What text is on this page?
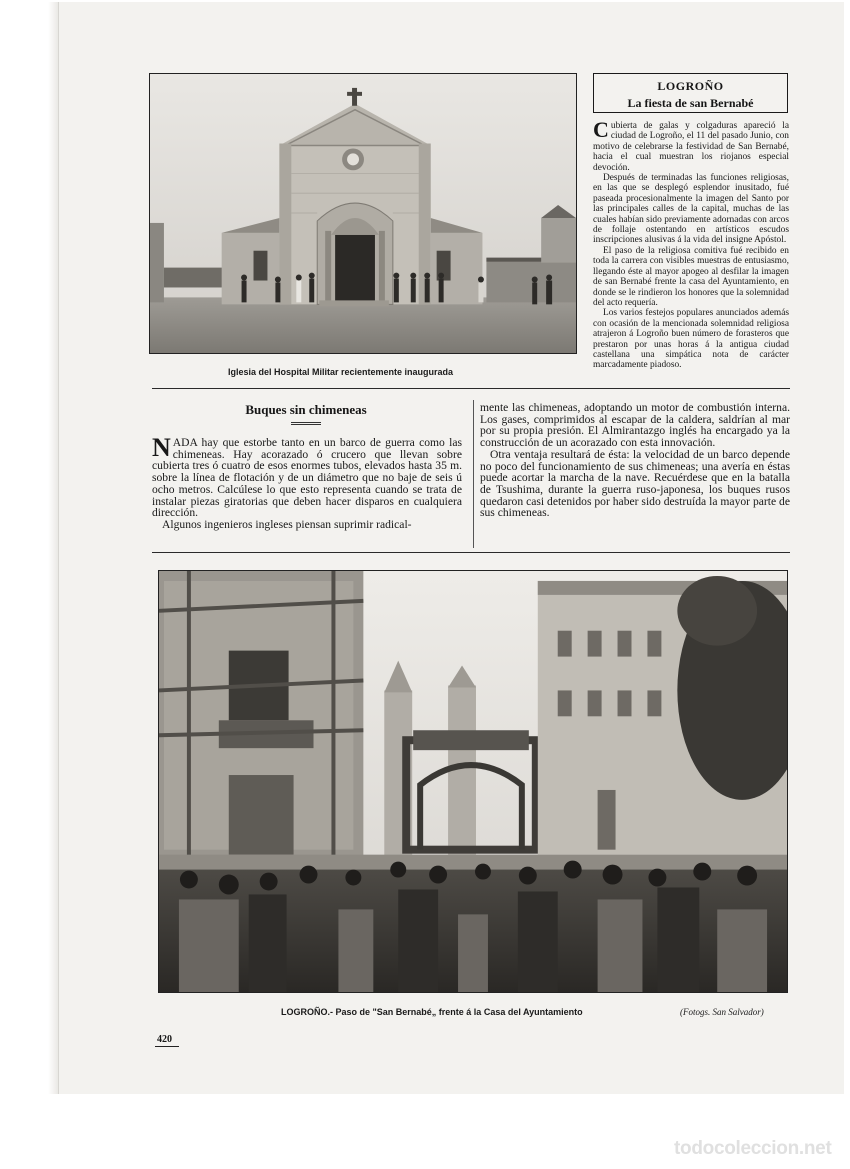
Iglesia del Hospital Militar recientemente inaugurada
LOGROÑO
La fiesta de san Bernabé

Cubierta de galas y colgaduras apareció la ciudad de Logroño, el 11 del pasado Junio, con motivo de celebrarse la festividad de San Bernabé, hacia el cual muestran los riojanos especial devoción.

Después de terminadas las funciones religiosas, en las que se desplegó esplendor inusitado, fué paseada procesionalmente la imagen del Santo por las principales calles de la capital, muchas de las cuales habían sido previamente adornadas con arcos de follaje ostentando en artísticos escudos inscripciones alusivas á la vida del insigne Apóstol.

El paso de la religiosa comitiva fué recibido en toda la carrera con visibles muestras de entusiasmo, llegando éste al mayor apogeo al desfilar la imagen de san Bernabé frente la casa del Ayuntamiento, en donde se le rindieron los honores que la solemnidad del acto requería.

Los varios festejos populares anunciados además con ocasión de la mencionada solemnidad religiosa atrajeron á Logroño buen número de forasteros que prestaron por unas horas á la antigua ciudad castellana una simpática nota de carácter marcadamente piadoso.

Buques sin chimeneas

NADA hay que estorbe tanto en un barco de guerra como las chimeneas. Hay acorazado ó crucero que llevan sobre cubierta tres ó cuatro de esos enormes tubos, elevados hasta 35 m. sobre la línea de flotación y de un diámetro que no baje de seis ú ocho metros. Calcúlese lo que esto representa cuando se trata de instalar piezas giratorias que deben hacer disparos en cualquiera dirección.

Algunos ingenieros ingleses piensan suprimir radical-

mente las chimeneas, adoptando un motor de combustión interna. Los gases, comprimidos al escapar de la caldera, saldrían al mar por su propia presión. El Almirantazgo inglés ha encargado ya la construcción de un acorazado con esta innovación.

Otra ventaja resultará de ésta: la velocidad de un barco depende no poco del funcionamiento de sus chimeneas; una avería en éstas puede acortar la marcha de la nave. Recuérdese que en la batalla de Tsushima, durante la guerra ruso-japonesa, los buques rusos quedaron casi detenidos por haber sido destruída la mayor parte de sus chimeneas.

LOGROÑO.- Paso de "San Bernabé„ frente á la Casa del Ayuntamiento	(Fotogs. San Salvador)
420
todocoleccion.net
